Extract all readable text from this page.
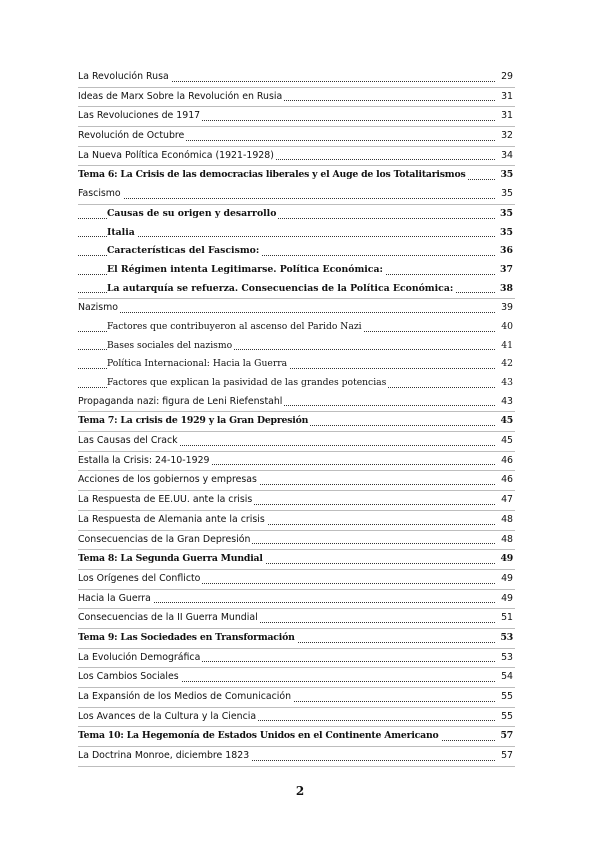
La Revolución Rusa	29
Ideas de Marx Sobre la Revolución en Rusia	31
Las Revoluciones de 1917	31
Revolución de Octubre	32
La Nueva Política Económica (1921-1928)	34
Tema 6: La Crisis de las democracias liberales y el Auge de los Totalitarismos	35
Fascismo	35
Causas de su origen y desarrollo	35
Italia	35
Características del Fascismo:	36
El Régimen intenta Legitimarse. Política Económica:	37
La autarquía se refuerza. Consecuencias de la Política Económica:	38
Nazismo	39
Factores que contribuyeron al ascenso del Parido Nazi	40
Bases sociales del nazismo	41
Política Internacional: Hacia la Guerra	42
Factores que explican la pasividad de las grandes potencias	43
Propaganda nazi: figura de Leni Riefenstahl	43
Tema 7: La crisis de 1929 y la Gran Depresión	45
Las Causas del Crack	45
Estalla la Crisis: 24-10-1929	46
Acciones de los gobiernos y empresas	46
La Respuesta de EE.UU. ante la crisis	47
La Respuesta de Alemania ante la crisis	48
Consecuencias de la Gran Depresión	48
Tema 8: La Segunda Guerra Mundial	49
Los Orígenes del Conflicto	49
Hacia la Guerra	49
Consecuencias de la II Guerra Mundial	51
Tema 9: Las Sociedades en Transformación	53
La Evolución Demográfica	53
Los Cambios Sociales	54
La Expansión de los Medios de Comunicación	55
Los Avances de la Cultura y la Ciencia	55
Tema 10: La Hegemonía de Estados Unidos en el Continente Americano	57
La Doctrina Monroe, diciembre 1823	57
2
